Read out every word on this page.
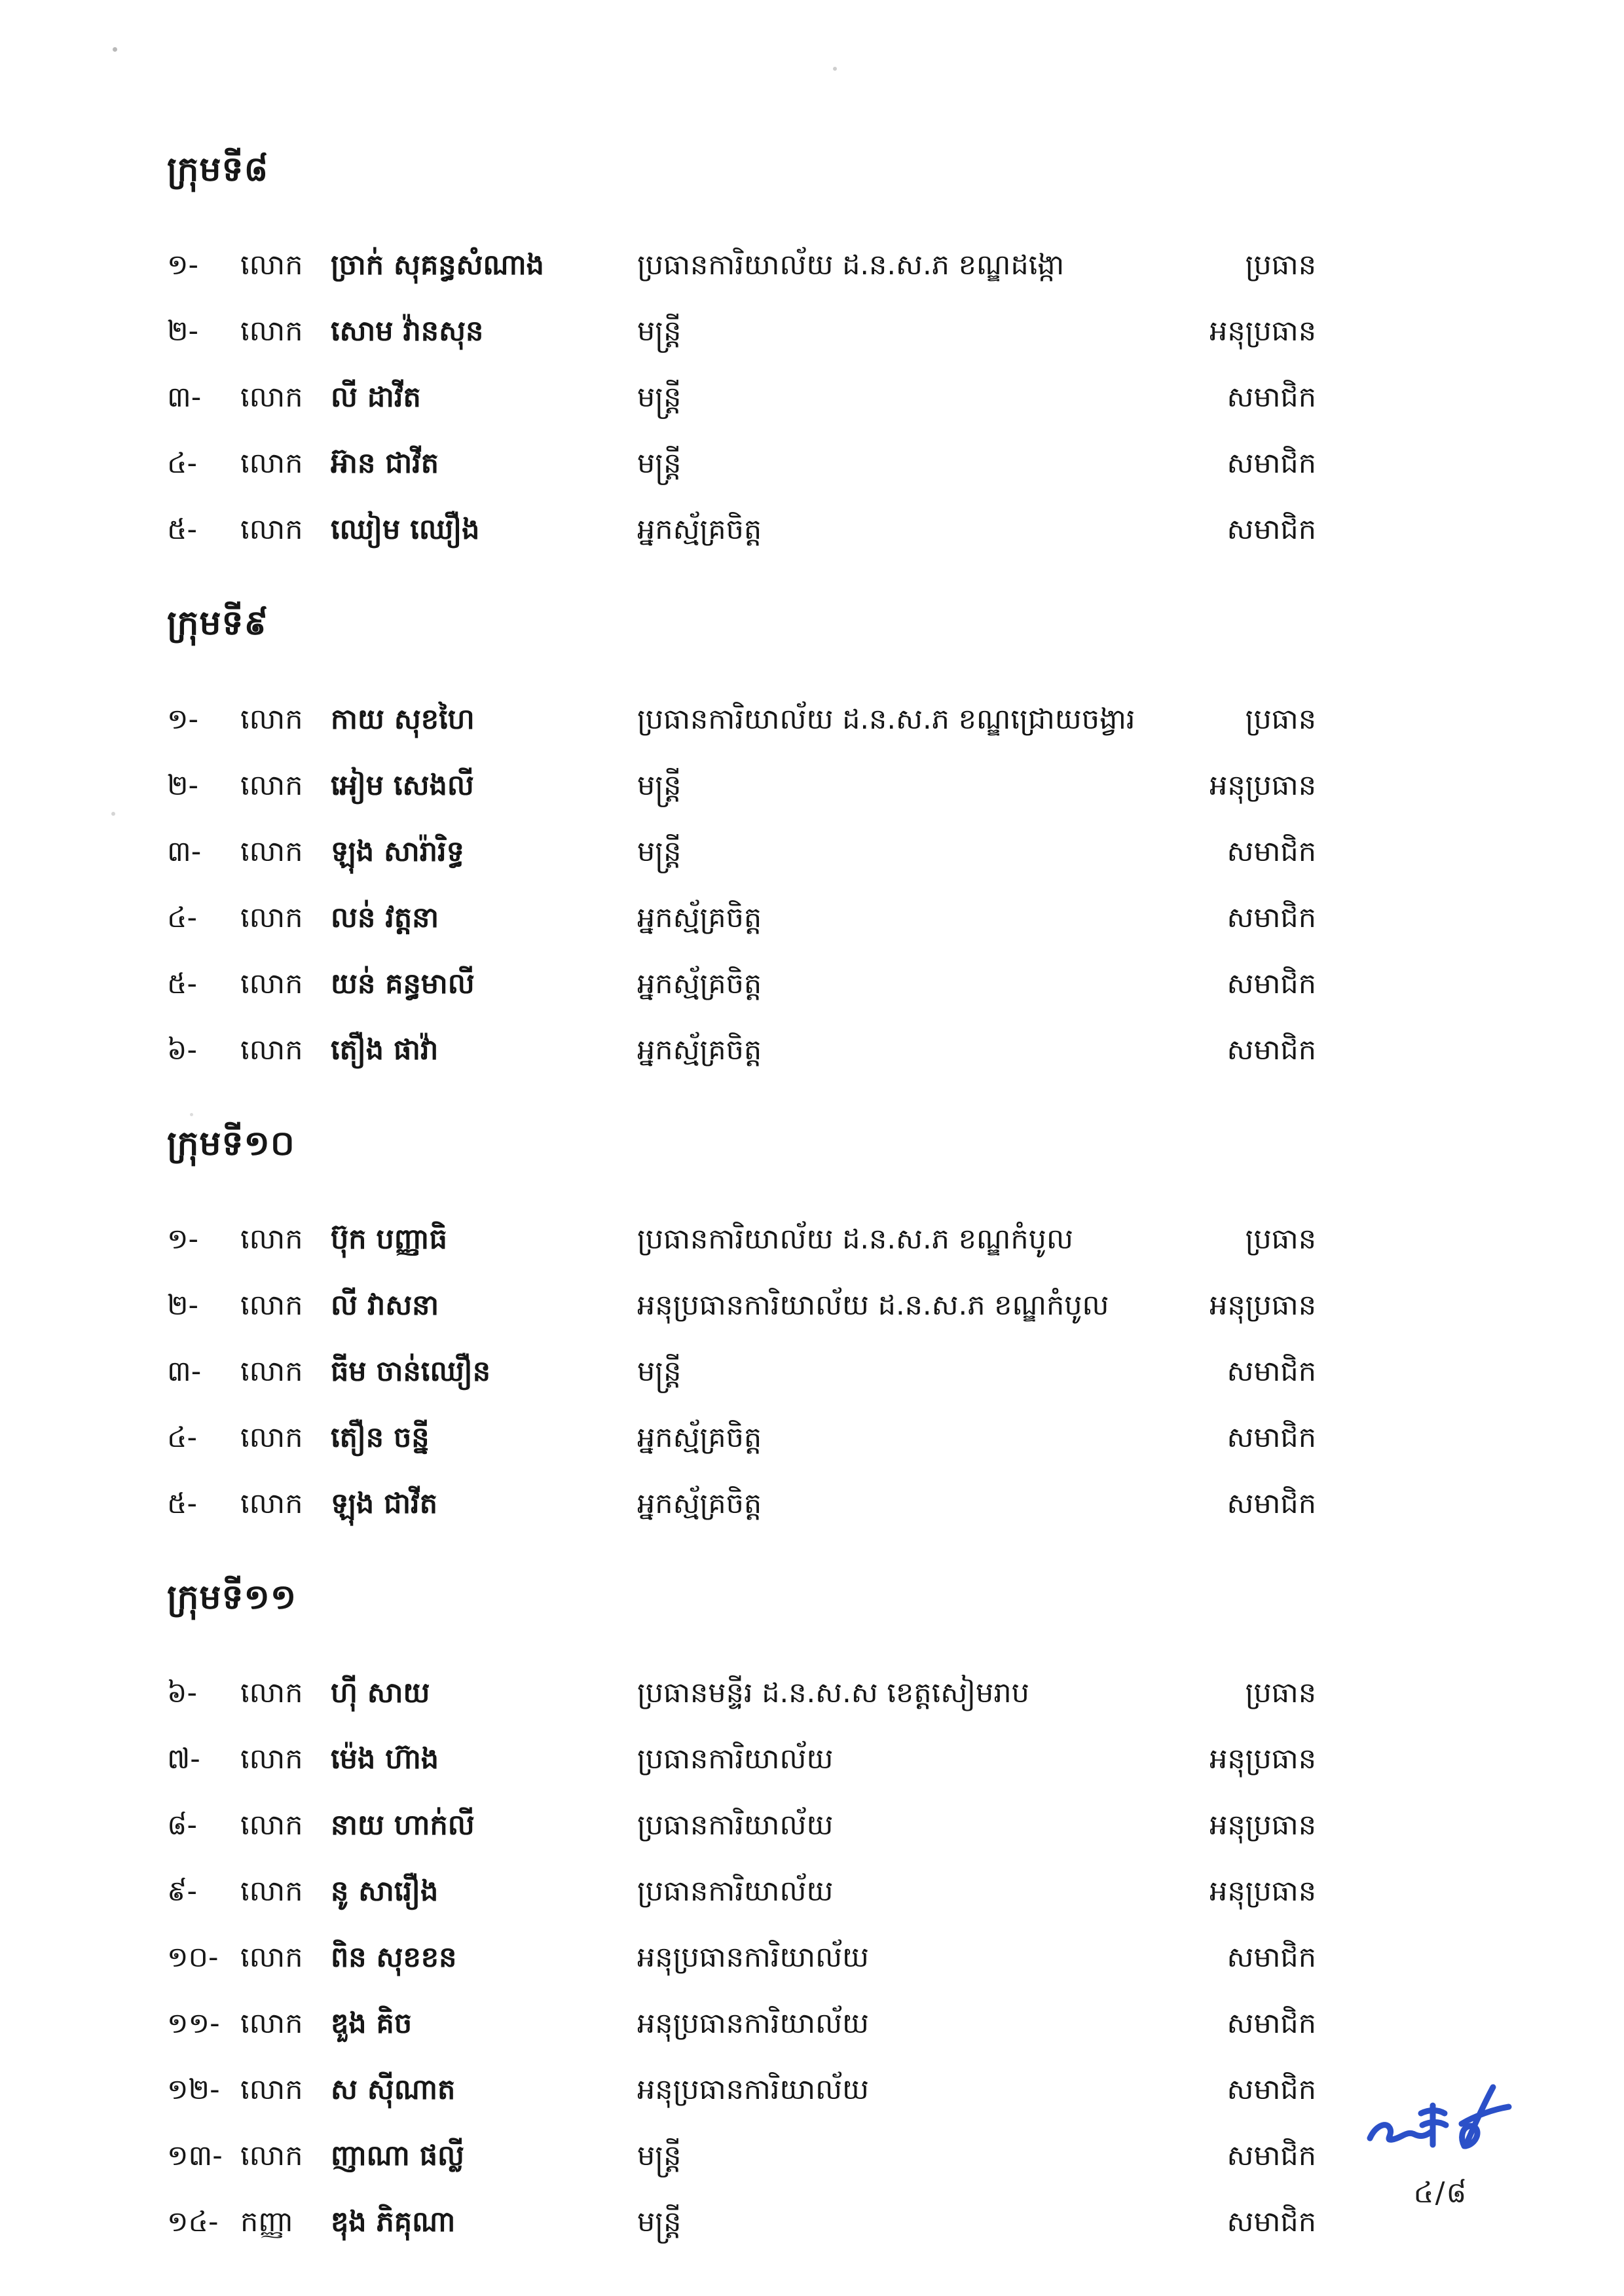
ក្រុមទី៨
១-	លោក ច្រាក់ សុគន្ធសំណាង	ប្រធានការិយាល័យ ដ.ន.ស.ភ ខណ្ឌដង្កោ	ប្រធាន
២-	លោក សោម វ៉ានសុន	មន្ត្រី	អនុប្រធាន
៣-	លោក លី ដាវីត	មន្ត្រី	សមាជិក
៤-	លោក អ៊ាន ជាវីត	មន្ត្រី	សមាជិក
៥-	លោក ឈៀម ឈឿង	អ្នកស្ម័គ្រចិត្ត	សមាជិក
ក្រុមទី៩
១-	លោក កាយ សុខហៃ	ប្រធានការិយាល័យ ដ.ន.ស.ភ ខណ្ឌជ្រោយចង្វារ	ប្រធាន
២-	លោក អៀម សេងលី	មន្ត្រី	អនុប្រធាន
៣-	លោក ឡុង សារ៉ារិទ្ធ	មន្ត្រី	សមាជិក
៤-	លោក លន់ វត្តនា	អ្នកស្ម័គ្រចិត្ត	សមាជិក
៥-	លោក យន់ គន្ធមាលី	អ្នកស្ម័គ្រចិត្ត	សមាជិក
៦-	លោក តឿង ផាវ៉ា	អ្នកស្ម័គ្រចិត្ត	សមាជិក
ក្រុមទី១០
១-	លោក ប៊ុក បញ្ញាធិ	ប្រធានការិយាល័យ ដ.ន.ស.ភ ខណ្ឌកំបូល	ប្រធាន
២-	លោក លី វាសនា	អនុប្រធានការិយាល័យ ដ.ន.ស.ភ ខណ្ឌកំបូល	អនុប្រធាន
៣-	លោក ធីម ចាន់ឈឿន	មន្ត្រី	សមាជិក
៤-	លោក តឿន ចន្នី	អ្នកស្ម័គ្រចិត្ត	សមាជិក
៥-	លោក ឡុង ជាវីត	អ្នកស្ម័គ្រចិត្ត	សមាជិក
ក្រុមទី១១
៦-	លោក ហ៊ី សាយ	ប្រធានមន្ទីរ ដ.ន.ស.ស ខេត្តសៀមរាប	ប្រធាន
៧-	លោក ម៉េង ហ៊ាង	ប្រធានការិយាល័យ	អនុប្រធាន
៨-	លោក នាយ ហាក់លី	ប្រធានការិយាល័យ	អនុប្រធាន
៩-	លោក នូ សារឿង	ប្រធានការិយាល័យ	អនុប្រធាន
១០- លោក ពិន សុខខន	អនុប្រធានការិយាល័យ	សមាជិក
១១- លោក ឌួង គិច	អនុប្រធានការិយាល័យ	សមាជិក
១២- លោក ស ស៊ីណាត	អនុប្រធានការិយាល័យ	សមាជិក
១៣- លោក ញាណា ផល្លី	មន្ត្រី	សមាជិក
១៤- កញ្ញា	ឌុង ភិគុណា	មន្ត្រី	សមាជិក
៤/៨
